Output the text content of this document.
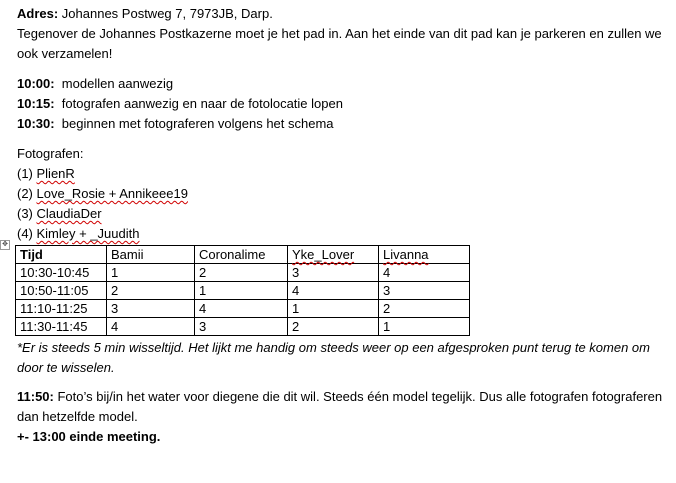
✥

Adres: Johannes Postweg 7, 7973JB, Darp.

Tegenover de Johannes Postkazerne moet je het pad in. Aan het einde van dit pad kan je parkeren en zullen we ook verzamelen!

10:00:  modellen aanwezig

10:15:  fotografen aanwezig en naar de fotolocatie lopen

10:30:  beginnen met fotograferen volgens het schema

Fotografen:

(1) PlienR

(2) Love_Rosie + Annikeee19

(3) ClaudiaDer

(4) Kimley + _Juudith

Tijd	Bamii	Coronalime	Yke_Lover	Livanna
10:30-10:45	1	2	3	4
10:50-11:05	2	1	4	3
11:10-11:25	3	4	1	2
11:30-11:45	4	3	2	1

*Er is steeds 5 min wisseltijd. Het lijkt me handig om steeds weer op een afgesproken punt terug te komen om door te wisselen.

11:50: Foto’s bij/in het water voor diegene die dit wil. Steeds één model tegelijk. Dus alle fotografen fotograferen dan hetzelfde model.

+- 13:00 einde meeting.
